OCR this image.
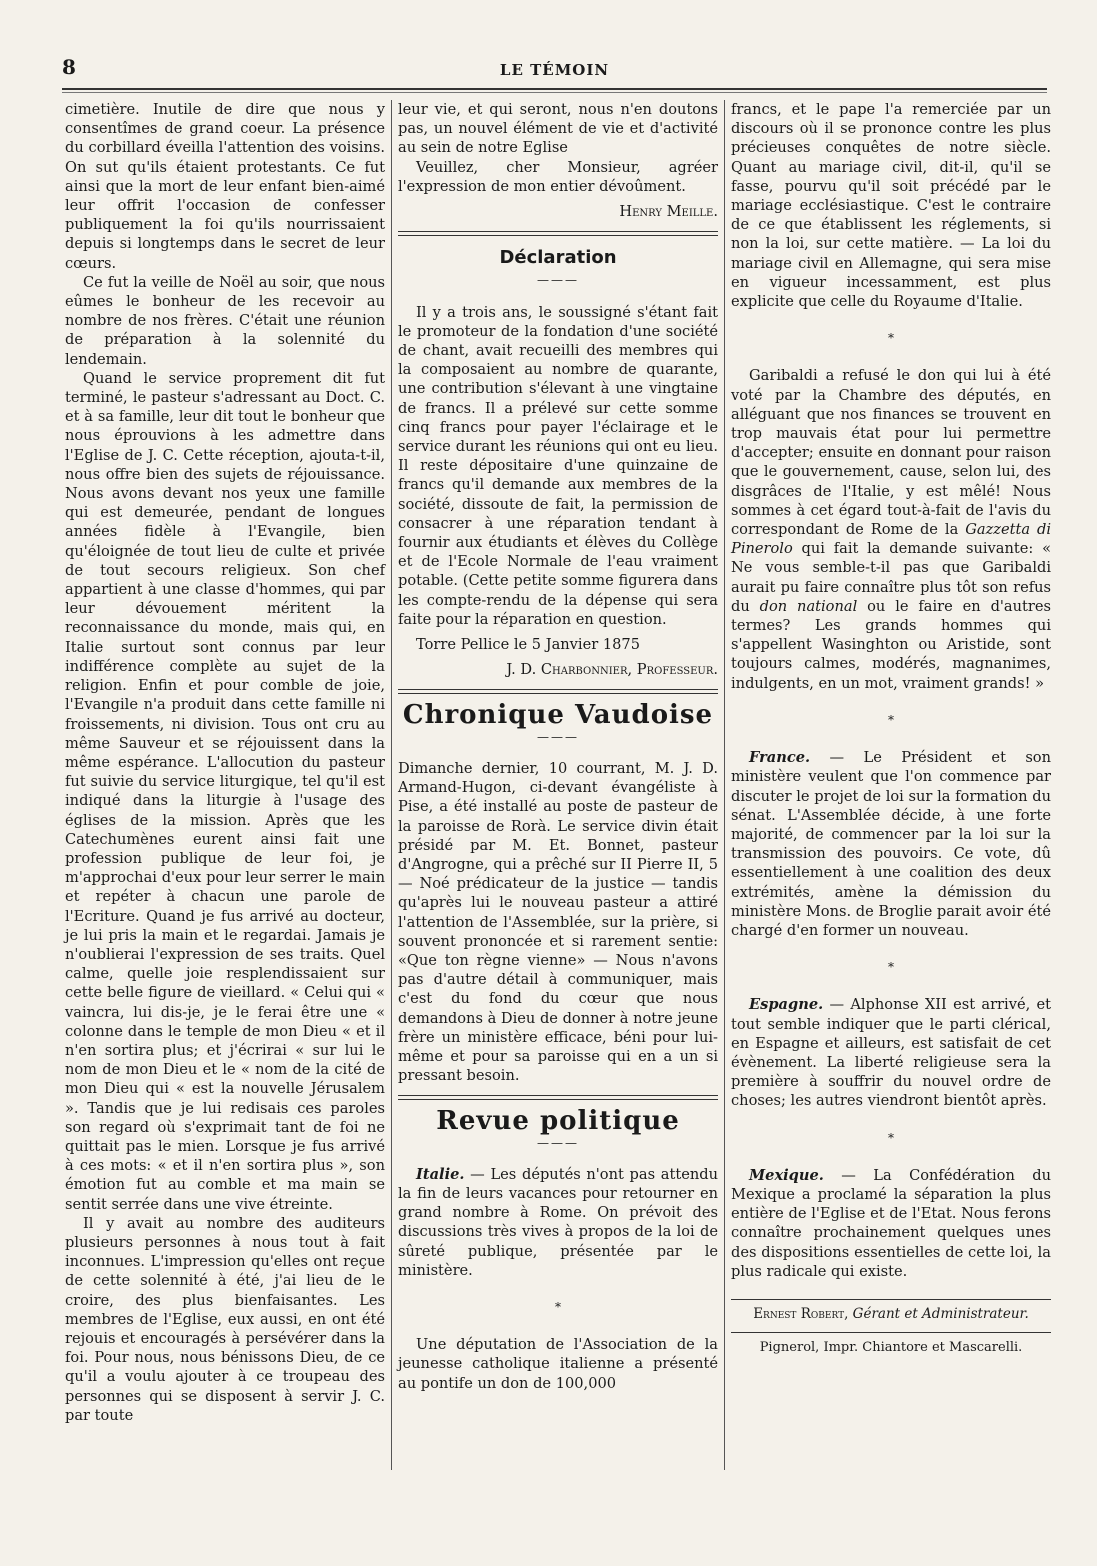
8	LE TÉMOIN

cimetière. Inutile de dire que nous y consentîmes de grand coeur. La présence du corbillard éveilla l'attention des voisins. On sut qu'ils étaient protestants. Ce fut ainsi que la mort de leur enfant bien-aimé leur offrit l'occasion de confesser publiquement la foi qu'ils nourrissaient depuis si longtemps dans le secret de leur cœurs.

Ce fut la veille de Noël au soir, que nous eûmes le bonheur de les recevoir au nombre de nos frères. C'était une réunion de préparation à la solennité du lendemain.

Quand le service proprement dit fut terminé, le pasteur s'adressant au Doct. C. et à sa famille, leur dit tout le bonheur que nous éprouvions à les admettre dans l'Eglise de J. C. Cette réception, ajouta-t-il, nous offre bien des sujets de réjouissance. Nous avons devant nos yeux une famille qui est demeurée, pendant de longues années fidèle à l'Evangile, bien qu'éloignée de tout lieu de culte et privée de tout secours religieux. Son chef appartient à une classe d'hommes, qui par leur dévouement méritent la reconnaissance du monde, mais qui, en Italie surtout sont connus par leur indifférence complète au sujet de la religion. Enfin et pour comble de joie, l'Evangile n'a produit dans cette famille ni froissements, ni division. Tous ont cru au même Sauveur et se réjouissent dans la même espérance. L'allocution du pasteur fut suivie du service liturgique, tel qu'il est indiqué dans la liturgie à l'usage des églises de la mission. Après que les Catechumènes eurent ainsi fait une profession publique de leur foi, je m'approchai d'eux pour leur serrer le main et repéter à chacun une parole de l'Ecriture. Quand je fus arrivé au docteur, je lui pris la main et le regardai. Jamais je n'oublierai l'expression de ses traits. Quel calme, quelle joie resplendissaient sur cette belle figure de vieillard. « Celui qui « vaincra, lui dis-je, je le ferai être une « colonne dans le temple de mon Dieu « et il n'en sortira plus; et j'écrirai « sur lui le nom de mon Dieu et le « nom de la cité de mon Dieu qui « est la nouvelle Jérusalem ». Tandis que je lui redisais ces paroles son regard où s'exprimait tant de foi ne quittait pas le mien. Lorsque je fus arrivé à ces mots: « et il n'en sortira plus », son émotion fut au comble et ma main se sentit serrée dans une vive étreinte.

Il y avait au nombre des auditeurs plusieurs personnes à nous tout à fait inconnues. L'impression qu'elles ont reçue de cette solennité à été, j'ai lieu de le croire, des plus bienfaisantes. Les membres de l'Eglise, eux aussi, en ont été rejouis et encouragés à persévérer dans la foi. Pour nous, nous bénissons Dieu, de ce qu'il a voulu ajouter à ce troupeau des personnes qui se disposent à servir J. C. par toute

leur vie, et qui seront, nous n'en doutons pas, un nouvel élément de vie et d'activité au sein de notre Eglise

Veuillez, cher Monsieur, agréer l'expression de mon entier dévoûment.

Henry Meille.
Déclaration
———

Il y a trois ans, le soussigné s'étant fait le promoteur de la fondation d'une société de chant, avait recueilli des membres qui la composaient au nombre de quarante, une contribution s'élevant à une vingtaine de francs. Il a prélevé sur cette somme cinq francs pour payer l'éclairage et le service durant les réunions qui ont eu lieu. Il reste dépositaire d'une quinzaine de francs qu'il demande aux membres de la société, dissoute de fait, la permission de consacrer à une réparation tendant à fournir aux étudiants et élèves du Collège et de l'Ecole Normale de l'eau vraiment potable. (Cette petite somme figurera dans les compte-rendu de la dépense qui sera faite pour la réparation en question.

Torre Pellice le 5 Janvier 1875
J. D. Charbonnier, Professeur.
Chronique Vaudoise
———

Dimanche dernier, 10 courrant, M. J. D. Armand-Hugon, ci-devant évangéliste à Pise, a été installé au poste de pasteur de la paroisse de Rorà. Le service divin était présidé par M. Et. Bonnet, pasteur d'Angrogne, qui a prêché sur II Pierre II, 5 — Noé prédicateur de la justice — tandis qu'après lui le nouveau pasteur a attiré l'attention de l'Assemblée, sur la prière, si souvent prononcée et si rarement sentie: «Que ton règne vienne» — Nous n'avons pas d'autre détail à communiquer, mais c'est du fond du cœur que nous demandons à Dieu de donner à notre jeune frère un ministère efficace, béni pour lui-même et pour sa paroisse qui en a un si pressant besoin.

Revue politique
———

Italie. — Les députés n'ont pas attendu la fin de leurs vacances pour retourner en grand nombre à Rome. On prévoit des discussions très vives à propos de la loi de sûreté publique, présentée par le ministère.

*

Une députation de l'Association de la jeunesse catholique italienne a présenté au pontife un don de 100,000

francs, et le pape l'a remerciée par un discours où il se prononce contre les plus précieuses conquêtes de notre siècle. Quant au mariage civil, dit-il, qu'il se fasse, pourvu qu'il soit précédé par le mariage ecclésiastique. C'est le contraire de ce que établissent les réglements, si non la loi, sur cette matière. — La loi du mariage civil en Allemagne, qui sera mise en vigueur incessamment, est plus explicite que celle du Royaume d'Italie.

*

Garibaldi a refusé le don qui lui à été voté par la Chambre des députés, en alléguant que nos finances se trouvent en trop mauvais état pour lui permettre d'accepter; ensuite en donnant pour raison que le gouvernement, cause, selon lui, des disgrâces de l'Italie, y est mêlé! Nous sommes à cet égard tout-à-fait de l'avis du correspondant de Rome de la Gazzetta di Pinerolo qui fait la demande suivante: « Ne vous semble-t-il pas que Garibaldi aurait pu faire connaître plus tôt son refus du don national ou le faire en d'autres termes? Les grands hommes qui s'appellent Wasinghton ou Aristide, sont toujours calmes, modérés, magnanimes, indulgents, en un mot, vraiment grands! »

*

France. — Le Président et son ministère veulent que l'on commence par discuter le projet de loi sur la formation du sénat. L'Assemblée décide, à une forte majorité, de commencer par la loi sur la transmission des pouvoirs. Ce vote, dû essentiellement à une coalition des deux extrémités, amène la démission du ministère Mons. de Broglie parait avoir été chargé d'en former un nouveau.

*

Espagne. — Alphonse XII est arrivé, et tout semble indiquer que le parti clérical, en Espagne et ailleurs, est satisfait de cet évènement. La liberté religieuse sera la première à souffrir du nouvel ordre de choses; les autres viendront bientôt après.

*

Mexique. — La Confédération du Mexique a proclamé la séparation la plus entière de l'Eglise et de l'Etat. Nous ferons connaître prochainement quelques unes des dispositions essentielles de cette loi, la plus radicale qui existe.

Ernest Robert, Gérant et Administrateur.
Pignerol, Impr. Chiantore et Mascarelli.
